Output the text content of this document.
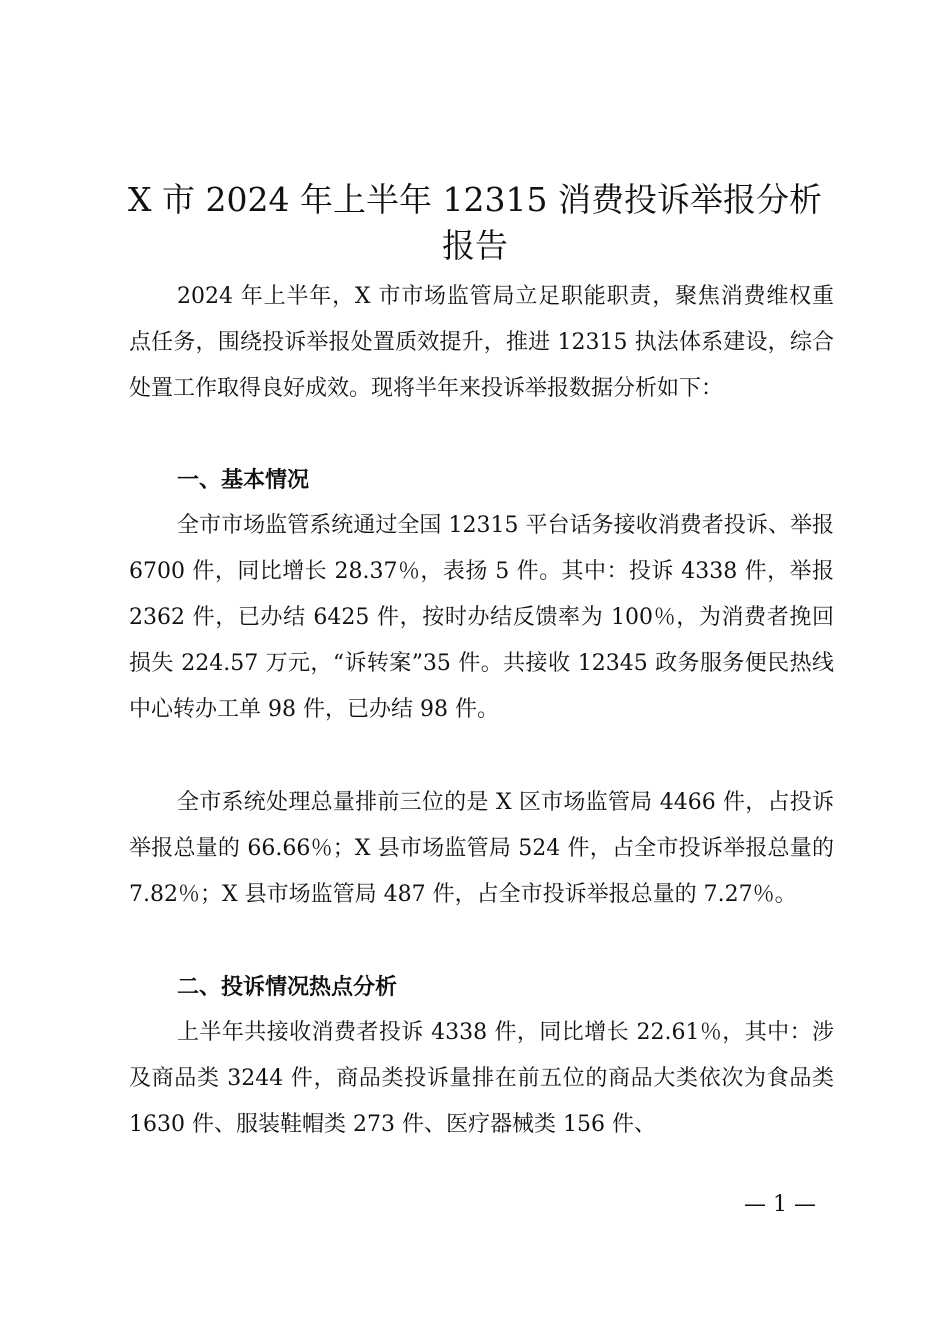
X 市 2024 年上半年 12315 消费投诉举报分析
报告

2024 年上半年，X 市市场监管局立足职能职责，聚焦消费维权重点任务，围绕投诉举报处置质效提升，推进 12315 执法体系建设，综合处置工作取得良好成效。现将半年来投诉举报数据分析如下：

一、基本情况

全市市场监管系统通过全国 12315 平台话务接收消费者投诉、举报 6700 件，同比增长 28.37％，表扬 5 件。其中：投诉 4338 件，举报 2362 件，已办结 6425 件，按时办结反馈率为 100％，为消费者挽回损失 224.57 万元，“诉转案”35 件。共接收 12345 政务服务便民热线中心转办工单 98 件，已办结 98 件。

全市系统处理总量排前三位的是 X 区市场监管局 4466 件，占投诉举报总量的 66.66％；X 县市场监管局 524 件，占全市投诉举报总量的 7.82％；X 县市场监管局 487 件，占全市投诉举报总量的 7.27％。

二、投诉情况热点分析

上半年共接收消费者投诉 4338 件，同比增长 22.61％，其中：涉及商品类 3244 件，商品类投诉量排在前五位的商品大类依次为食品类 1630 件、服装鞋帽类 273 件、医疗器械类 156 件、

— 1 —
